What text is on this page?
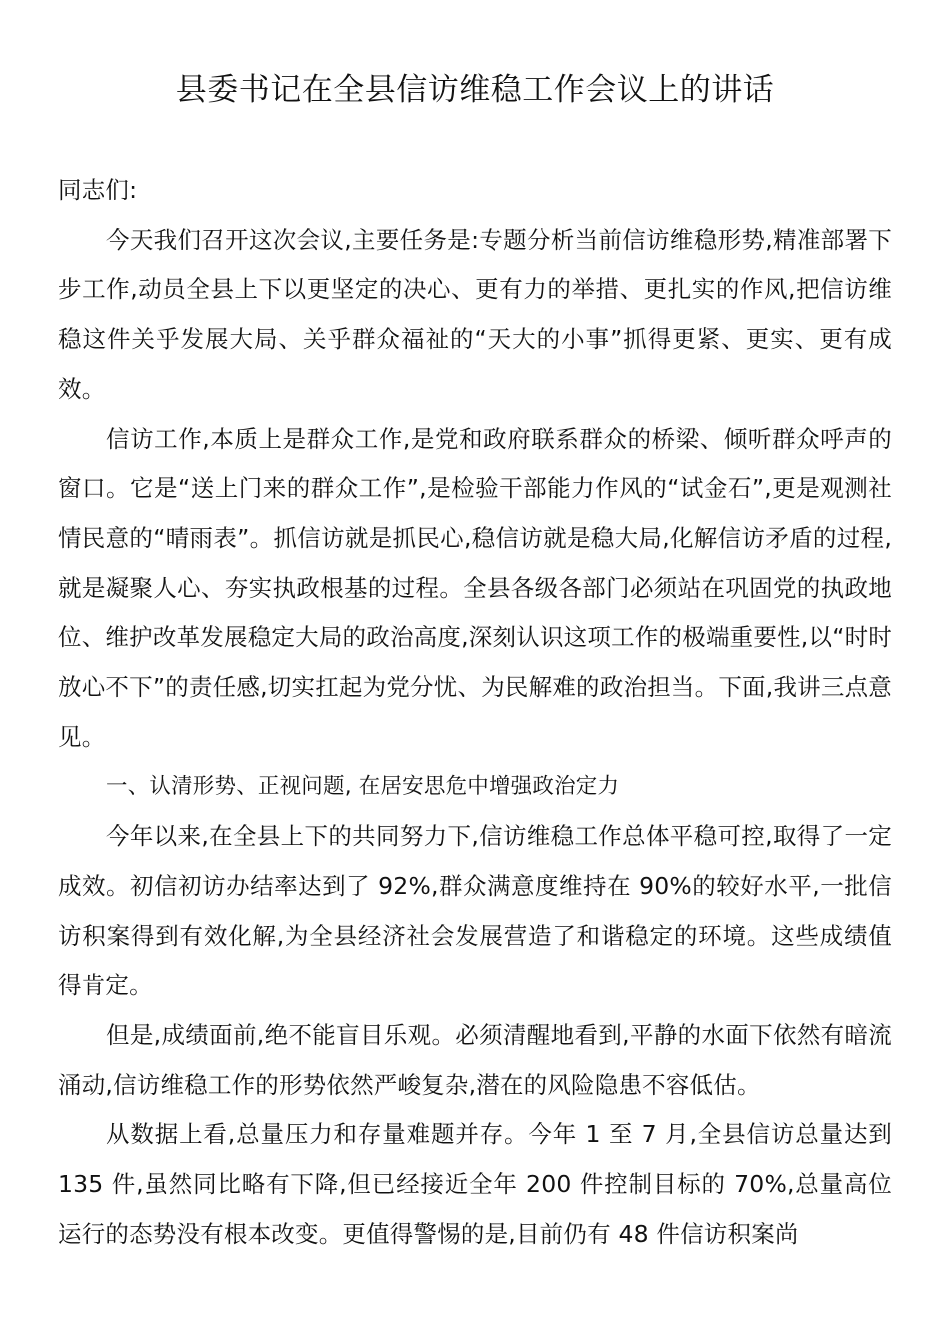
县委书记在全县信访维稳工作会议上的讲话

同志们:

今天我们召开这次会议,主要任务是:专题分析当前信访维稳形势,精准部署下步工作,动员全县上下以更坚定的决心、更有力的举措、更扎实的作风,把信访维稳这件关乎发展大局、关乎群众福祉的“天大的小事”抓得更紧、更实、更有成效。

信访工作,本质上是群众工作,是党和政府联系群众的桥梁、倾听群众呼声的窗口。它是“送上门来的群众工作”,是检验干部能力作风的“试金石”,更是观测社情民意的“晴雨表”。抓信访就是抓民心,稳信访就是稳大局,化解信访矛盾的过程,就是凝聚人心、夯实执政根基的过程。全县各级各部门必须站在巩固党的执政地位、维护改革发展稳定大局的政治高度,深刻认识这项工作的极端重要性,以“时时放心不下”的责任感,切实扛起为党分忧、为民解难的政治担当。下面,我讲三点意见。

一、认清形势、正视问题, 在居安思危中增强政治定力

今年以来,在全县上下的共同努力下,信访维稳工作总体平稳可控,取得了一定成效。初信初访办结率达到了 92%,群众满意度维持在 90%的较好水平,一批信访积案得到有效化解,为全县经济社会发展营造了和谐稳定的环境。这些成绩值得肯定。

但是,成绩面前,绝不能盲目乐观。必须清醒地看到,平静的水面下依然有暗流涌动,信访维稳工作的形势依然严峻复杂,潜在的风险隐患不容低估。

从数据上看,总量压力和存量难题并存。今年 1 至 7 月,全县信访总量达到 135 件,虽然同比略有下降,但已经接近全年 200 件控制目标的 70%,总量高位运行的态势没有根本改变。更值得警惕的是,目前仍有 48 件信访积案尚
